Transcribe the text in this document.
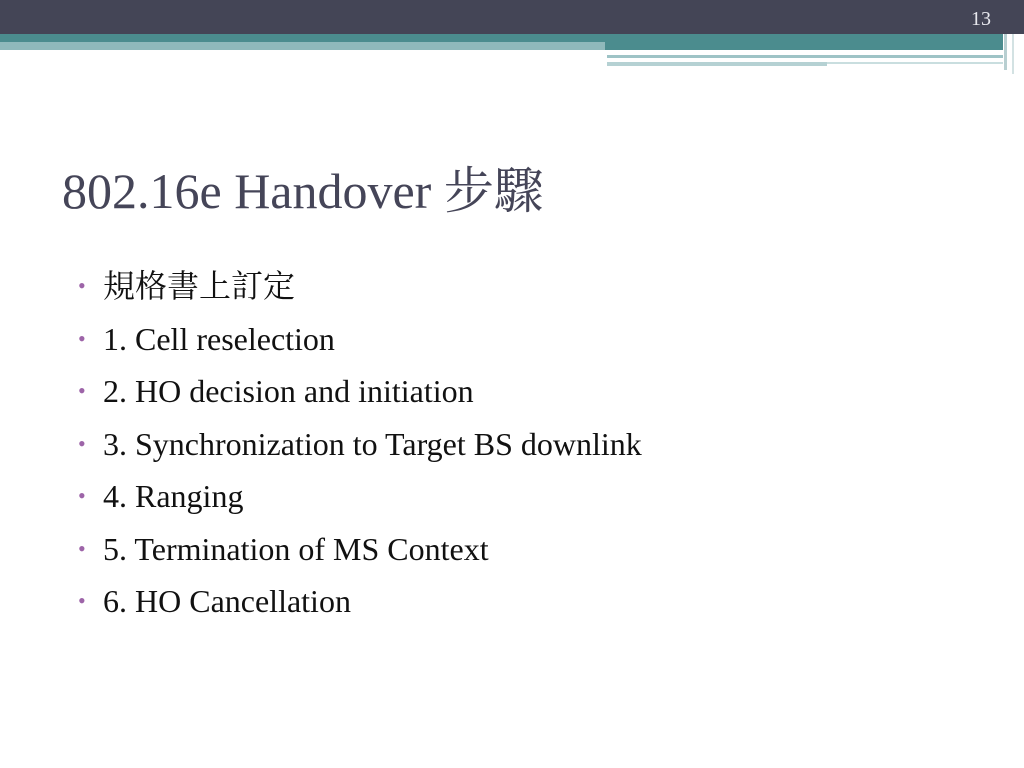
13
802.16e Handover 步驟
• 規格書上訂定
• 1. Cell reselection
• 2. HO decision and initiation
• 3. Synchronization to Target BS downlink
• 4. Ranging
• 5. Termination of MS Context
• 6. HO Cancellation
